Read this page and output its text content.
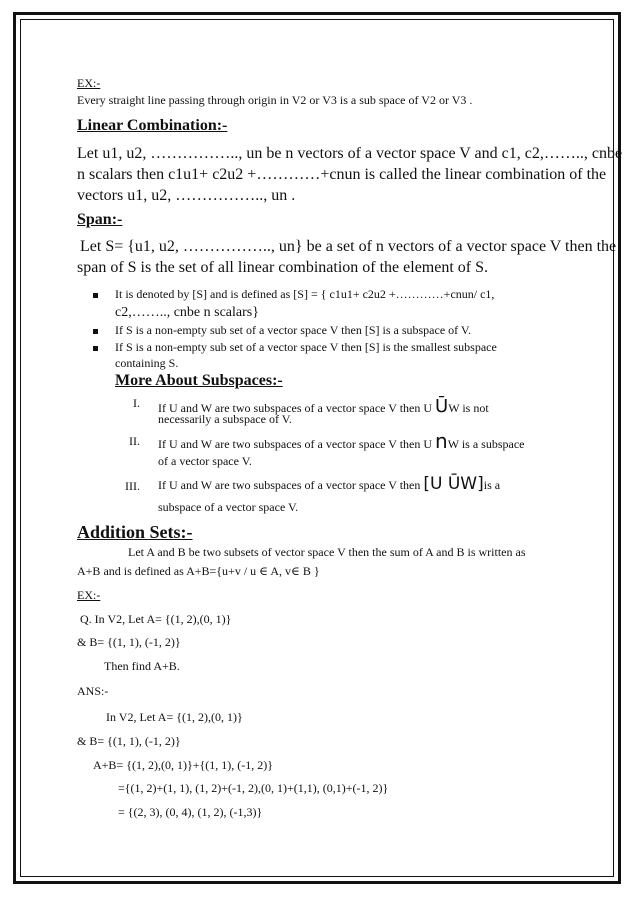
EX:-
Every straight line passing through origin in V2 or V3 is a sub space of V2 or V3 .
Linear Combination:-
Let u1, u2, …………….., un be n vectors of a vector space V and c1, c2,…….., cnbe
n scalars then c1u1+ c2u2 +…………+cnun is called the linear combination of the
vectors u1, u2, …………….., un .
Span:-
Let S= {u1, u2, …………….., un} be a set of n vectors of a vector space V then the
span of S is the set of all linear combination of the element of S.
It is denoted by [S] and is defined as [S] = { c1u1+ c2u2 +…………+cnun/ c1,
c2,…….., cnbe n scalars}
If S is a non-empty sub set of a vector space V then [S] is a subspace of V.
If S is a non-empty sub set of a vector space V then [S] is the smallest subspace
containing S.
More About Subspaces:-
I. If U and W are two subspaces of a vector space V then U ŪW is not
necessarily a subspace of V.
II. If U and W are two subspaces of a vector space V then U nW is a subspace
of a vector space V.
III. If U and W are two subspaces of a vector space V then [U ŪW]is a
subspace of a vector space V.
Addition Sets:-
Let A and B be two subsets of vector space V then the sum of A and B is written as
A+B and is defined as A+B={u+v / u ∈ A, v∈ B }
EX:-
Q. In V2, Let A= {(1, 2),(0, 1)}
& B= {(1, 1), (-1, 2)}
Then find A+B.
ANS:-
In V2, Let A= {(1, 2),(0, 1)}
& B= {(1, 1), (-1, 2)}
A+B= {(1, 2),(0, 1)}+{(1, 1), (-1, 2)}
={(1, 2)+(1, 1), (1, 2)+(-1, 2),(0, 1)+(1,1), (0,1)+(-1, 2)}
= {(2, 3), (0, 4), (1, 2), (-1,3)}
